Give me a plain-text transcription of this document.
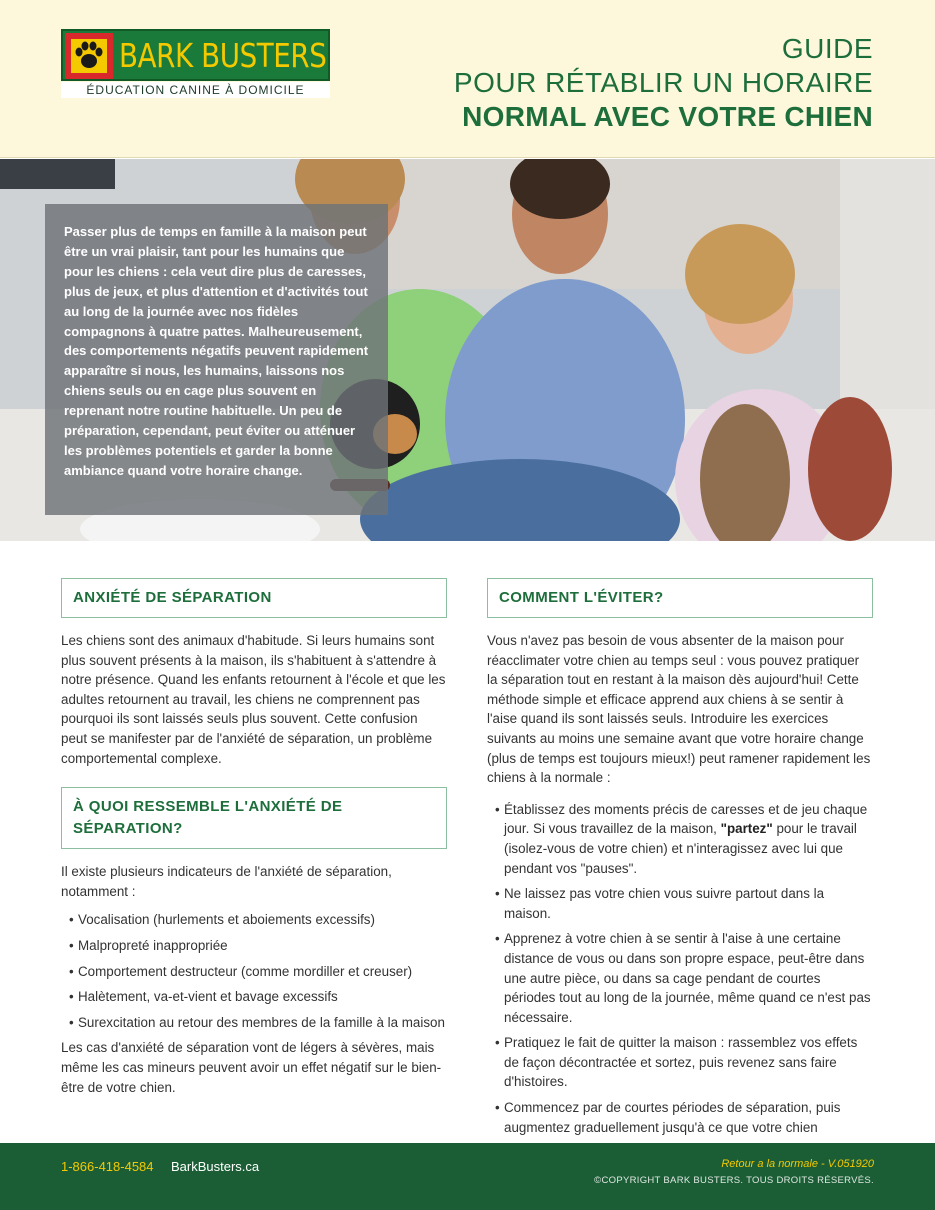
BARK BUSTERS
ÉDUCATION CANINE À DOMICILE
GUIDE
POUR RÉTABLIR UN HORAIRE
NORMAL AVEC VOTRE CHIEN

Passer plus de temps en famille à la maison peut être un vrai plaisir, tant pour les humains que pour les chiens : cela veut dire plus de caresses, plus de jeux, et plus d'attention et d'activités tout au long de la journée avec nos fidèles compagnons à quatre pattes. Malheureusement, des comportements négatifs peuvent rapidement apparaître si nous, les humains, laissons nos chiens seuls ou en cage plus souvent en reprenant notre routine habituelle. Un peu de préparation, cependant, peut éviter ou atténuer les problèmes potentiels et garder la bonne ambiance quand votre horaire change.

ANXIÉTÉ DE SÉPARATION

Les chiens sont des animaux d'habitude. Si leurs humains sont plus souvent présents à la maison, ils s'habituent à s'attendre à notre présence. Quand les enfants retournent à l'école et que les adultes retournent au travail, les chiens ne comprennent pas pourquoi ils sont laissés seuls plus souvent. Cette confusion peut se manifester par de l'anxiété de séparation, un problème comportemental complexe.

À QUOI RESSEMBLE L'ANXIÉTÉ DE SÉPARATION?

Il existe plusieurs indicateurs de l'anxiété de séparation, notamment :

• Vocalisation (hurlements et aboiements excessifs)
• Malpropreté inappropriée
• Comportement destructeur (comme mordiller et creuser)
• Halètement, va-et-vient et bavage excessifs
• Surexcitation au retour des membres de la famille à la maison

Les cas d'anxiété de séparation vont de légers à sévères, mais même les cas mineurs peuvent avoir un effet négatif sur le bien-être de votre chien.

COMMENT L'ÉVITER?

Vous n'avez pas besoin de vous absenter de la maison pour réacclimater votre chien au temps seul : vous pouvez pratiquer la séparation tout en restant à la maison dès aujourd'hui! Cette méthode simple et efficace apprend aux chiens à se sentir à l'aise quand ils sont laissés seuls. Introduire les exercices suivants au moins une semaine avant que votre horaire change (plus de temps est toujours mieux!) peut ramener rapidement les chiens à la normale :

• Établissez des moments précis de caresses et de jeu chaque jour. Si vous travaillez de la maison, "partez" pour le travail (isolez-vous de votre chien) et n'interagissez avec lui que pendant vos "pauses".
• Ne laissez pas votre chien vous suivre partout dans la maison.
• Apprenez à votre chien à se sentir à l'aise à une certaine distance de vous ou dans son propre espace, peut-être dans une autre pièce, ou dans sa cage pendant de courtes périodes tout au long de la journée, même quand ce n'est pas nécessaire.
• Pratiquez le fait de quitter la maison : rassemblez vos effets de façon décontractée et sortez, puis revenez sans faire d'histoires.
• Commencez par de courtes périodes de séparation, puis augmentez graduellement jusqu'à ce que votre chien
1-866-418-4584 BarkBusters.ca	Retour a la normale - V.051920
©COPYRIGHT BARK BUSTERS. TOUS DROITS RÉSERVÉS.
